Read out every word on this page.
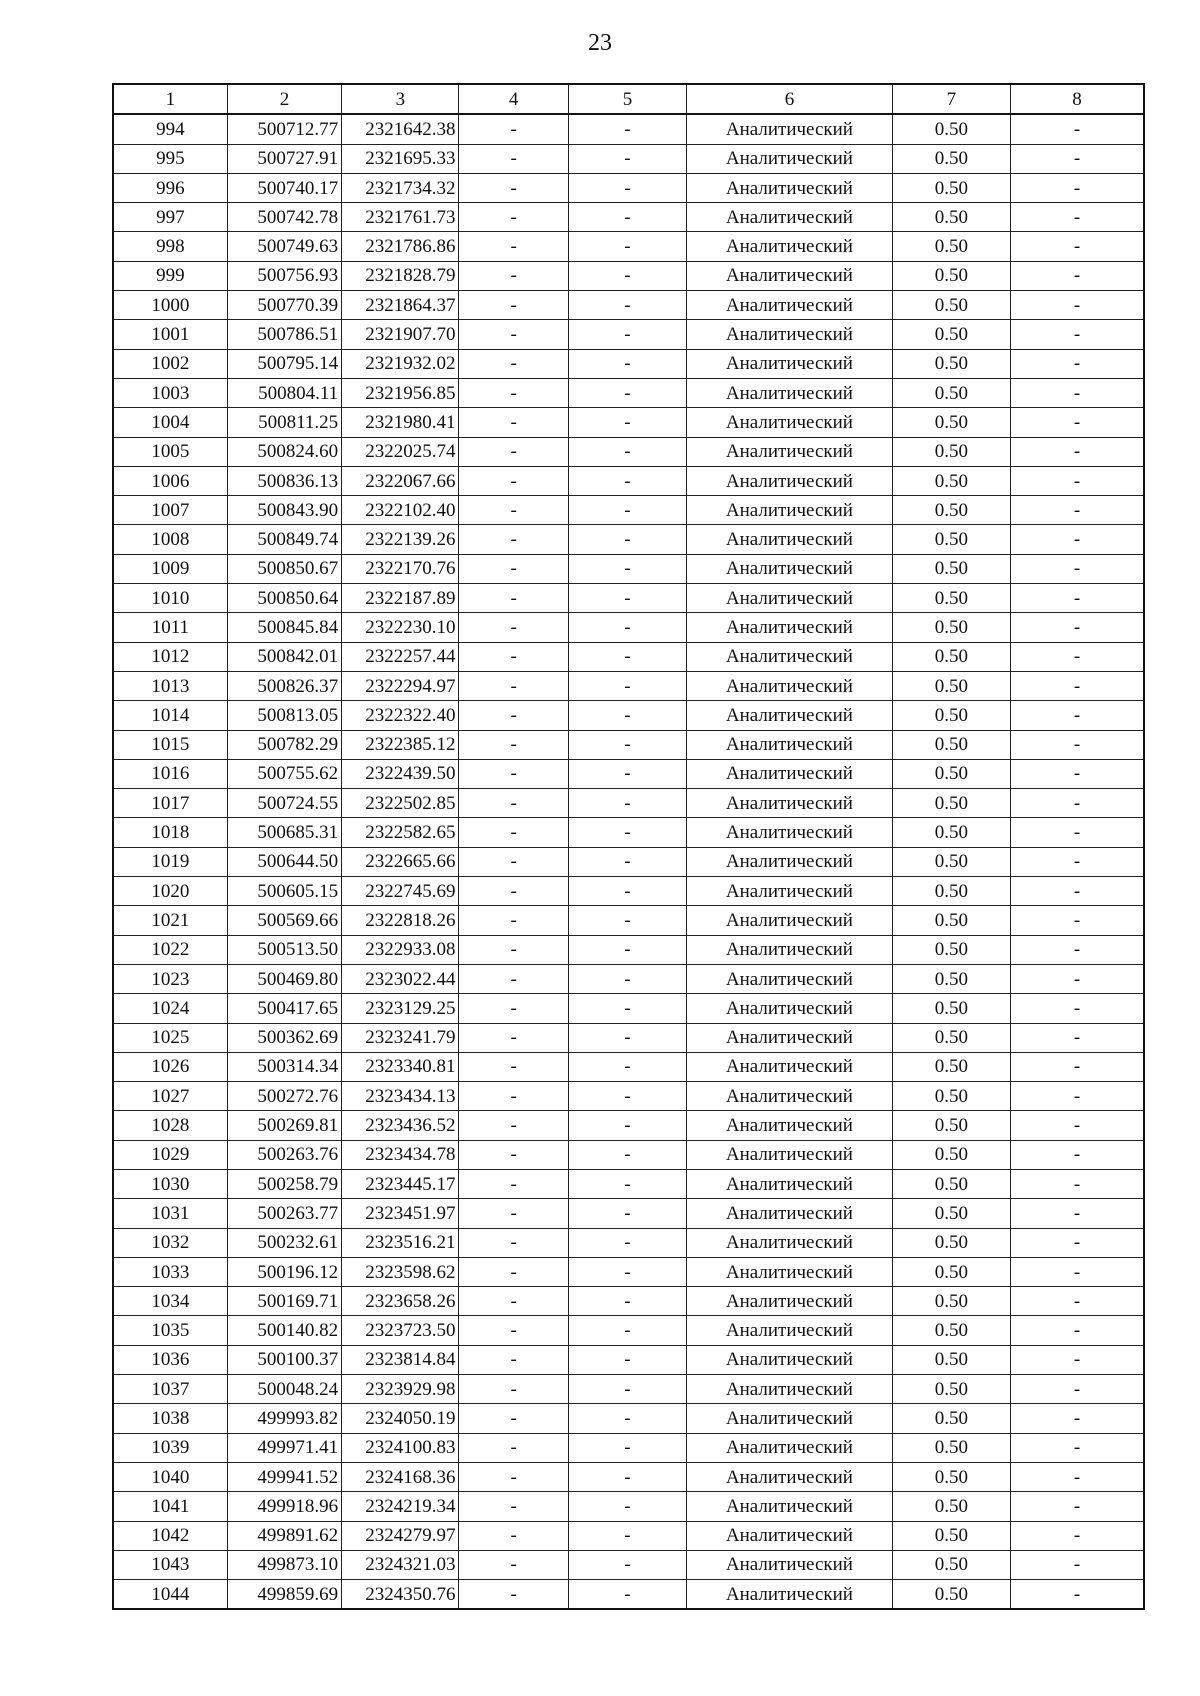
23
1	2	3	4	5	6	7	8
994	500712.77	2321642.38	-	-	Аналитический	0.50	-
995	500727.91	2321695.33	-	-	Аналитический	0.50	-
996	500740.17	2321734.32	-	-	Аналитический	0.50	-
997	500742.78	2321761.73	-	-	Аналитический	0.50	-
998	500749.63	2321786.86	-	-	Аналитический	0.50	-
999	500756.93	2321828.79	-	-	Аналитический	0.50	-
1000	500770.39	2321864.37	-	-	Аналитический	0.50	-
1001	500786.51	2321907.70	-	-	Аналитический	0.50	-
1002	500795.14	2321932.02	-	-	Аналитический	0.50	-
1003	500804.11	2321956.85	-	-	Аналитический	0.50	-
1004	500811.25	2321980.41	-	-	Аналитический	0.50	-
1005	500824.60	2322025.74	-	-	Аналитический	0.50	-
1006	500836.13	2322067.66	-	-	Аналитический	0.50	-
1007	500843.90	2322102.40	-	-	Аналитический	0.50	-
1008	500849.74	2322139.26	-	-	Аналитический	0.50	-
1009	500850.67	2322170.76	-	-	Аналитический	0.50	-
1010	500850.64	2322187.89	-	-	Аналитический	0.50	-
1011	500845.84	2322230.10	-	-	Аналитический	0.50	-
1012	500842.01	2322257.44	-	-	Аналитический	0.50	-
1013	500826.37	2322294.97	-	-	Аналитический	0.50	-
1014	500813.05	2322322.40	-	-	Аналитический	0.50	-
1015	500782.29	2322385.12	-	-	Аналитический	0.50	-
1016	500755.62	2322439.50	-	-	Аналитический	0.50	-
1017	500724.55	2322502.85	-	-	Аналитический	0.50	-
1018	500685.31	2322582.65	-	-	Аналитический	0.50	-
1019	500644.50	2322665.66	-	-	Аналитический	0.50	-
1020	500605.15	2322745.69	-	-	Аналитический	0.50	-
1021	500569.66	2322818.26	-	-	Аналитический	0.50	-
1022	500513.50	2322933.08	-	-	Аналитический	0.50	-
1023	500469.80	2323022.44	-	-	Аналитический	0.50	-
1024	500417.65	2323129.25	-	-	Аналитический	0.50	-
1025	500362.69	2323241.79	-	-	Аналитический	0.50	-
1026	500314.34	2323340.81	-	-	Аналитический	0.50	-
1027	500272.76	2323434.13	-	-	Аналитический	0.50	-
1028	500269.81	2323436.52	-	-	Аналитический	0.50	-
1029	500263.76	2323434.78	-	-	Аналитический	0.50	-
1030	500258.79	2323445.17	-	-	Аналитический	0.50	-
1031	500263.77	2323451.97	-	-	Аналитический	0.50	-
1032	500232.61	2323516.21	-	-	Аналитический	0.50	-
1033	500196.12	2323598.62	-	-	Аналитический	0.50	-
1034	500169.71	2323658.26	-	-	Аналитический	0.50	-
1035	500140.82	2323723.50	-	-	Аналитический	0.50	-
1036	500100.37	2323814.84	-	-	Аналитический	0.50	-
1037	500048.24	2323929.98	-	-	Аналитический	0.50	-
1038	499993.82	2324050.19	-	-	Аналитический	0.50	-
1039	499971.41	2324100.83	-	-	Аналитический	0.50	-
1040	499941.52	2324168.36	-	-	Аналитический	0.50	-
1041	499918.96	2324219.34	-	-	Аналитический	0.50	-
1042	499891.62	2324279.97	-	-	Аналитический	0.50	-
1043	499873.10	2324321.03	-	-	Аналитический	0.50	-
1044	499859.69	2324350.76	-	-	Аналитический	0.50	-
